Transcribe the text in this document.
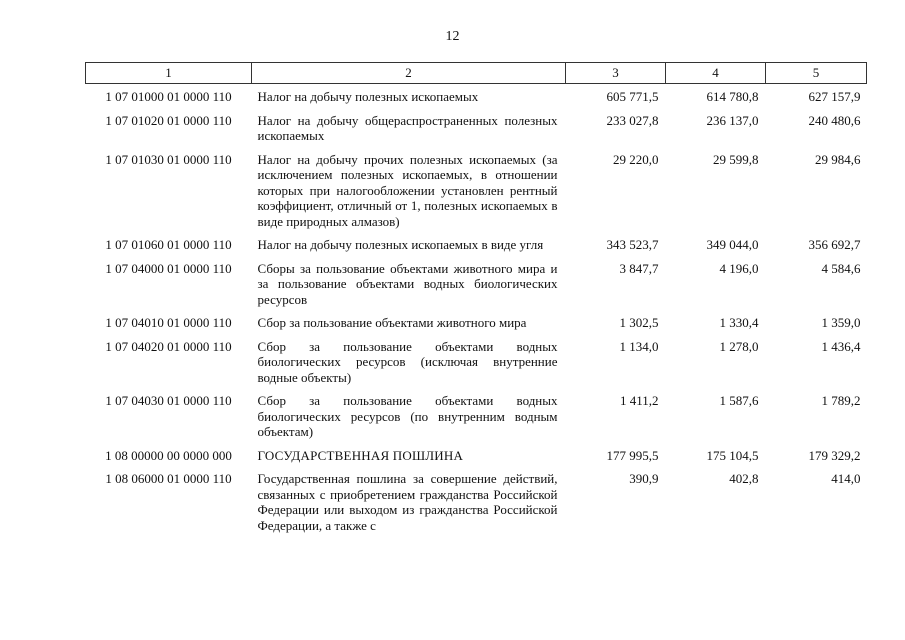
12
1	2	3	4	5
1 07 01000 01 0000 110	Налог на добычу полезных ископаемых	605 771,5	614 780,8	627 157,9
1 07 01020 01 0000 110	Налог на добычу общераспространенных полезных ископаемых	233 027,8	236 137,0	240 480,6
1 07 01030 01 0000 110	Налог на добычу прочих полезных ископаемых (за исключением полезных ископаемых, в отношении которых при налогообложении установлен рентный коэффициент, отличный от 1, полезных ископаемых в виде природных алмазов)	29 220,0	29 599,8	29 984,6
1 07 01060 01 0000 110	Налог на добычу полезных ископаемых в виде угля	343 523,7	349 044,0	356 692,7
1 07 04000 01 0000 110	Сборы за пользование объектами животного мира и за пользование объектами водных биологических ресурсов	3 847,7	4 196,0	4 584,6
1 07 04010 01 0000 110	Сбор за пользование объектами животного мира	1 302,5	1 330,4	1 359,0
1 07 04020 01 0000 110	Сбор за пользование объектами водных биологических ресурсов (исключая внутренние водные объекты)	1 134,0	1 278,0	1 436,4
1 07 04030 01 0000 110	Сбор за пользование объектами водных биологических ресурсов (по внутренним водным объектам)	1 411,2	1 587,6	1 789,2
1 08 00000 00 0000 000	ГОСУДАРСТВЕННАЯ ПОШЛИНА	177 995,5	175 104,5	179 329,2
1 08 06000 01 0000 110	Государственная пошлина за совершение действий, связанных с приобретением гражданства Российской Федерации или выходом из гражданства Российской Федерации, а также с	390,9	402,8	414,0
